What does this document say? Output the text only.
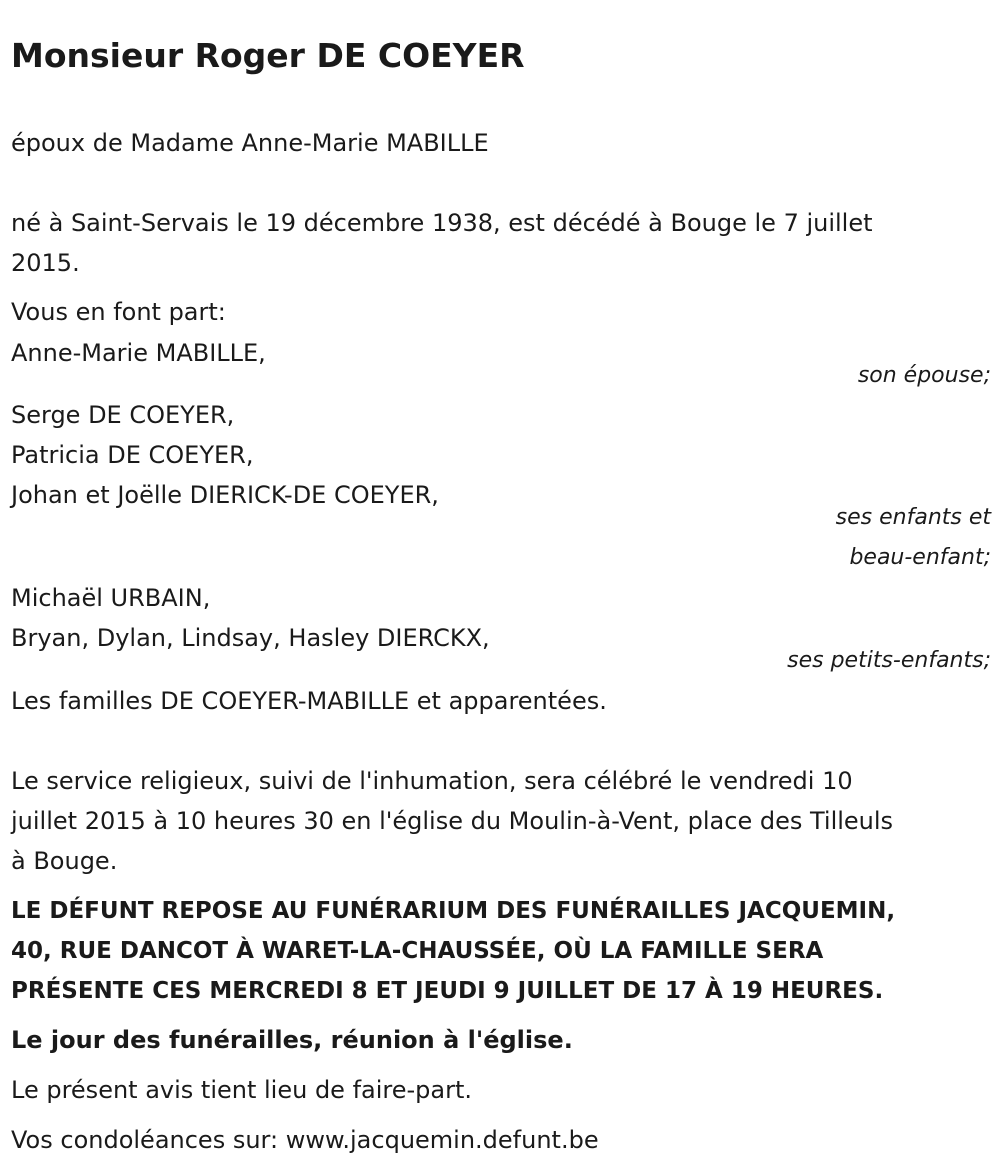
Monsieur Roger DE COEYER
époux de Madame Anne-Marie MABILLE
né à Saint-Servais le 19 décembre 1938, est décédé à Bouge le 7 juillet
2015.
Vous en font part:
Anne-Marie MABILLE,
son épouse;
Serge DE COEYER,
Patricia DE COEYER,
Johan et Joëlle DIERICK-DE COEYER,
ses enfants et
beau-enfant;
Michaël URBAIN,
Bryan, Dylan, Lindsay, Hasley DIERCKX,
ses petits-enfants;
Les familles DE COEYER-MABILLE et apparentées.
Le service religieux, suivi de l'inhumation, sera célébré le vendredi 10
juillet 2015 à 10 heures 30 en l'église du Moulin-à-Vent, place des Tilleuls
à Bouge.
LE DÉFUNT REPOSE AU FUNÉRARIUM DES FUNÉRAILLES JACQUEMIN,
40, RUE DANCOT À WARET-LA-CHAUSSÉE, OÙ LA FAMILLE SERA
PRÉSENTE CES MERCREDI 8 ET JEUDI 9 JUILLET DE 17 À 19 HEURES.
Le jour des funérailles, réunion à l'église.
Le présent avis tient lieu de faire-part.
Vos condoléances sur: www.jacquemin.defunt.be
